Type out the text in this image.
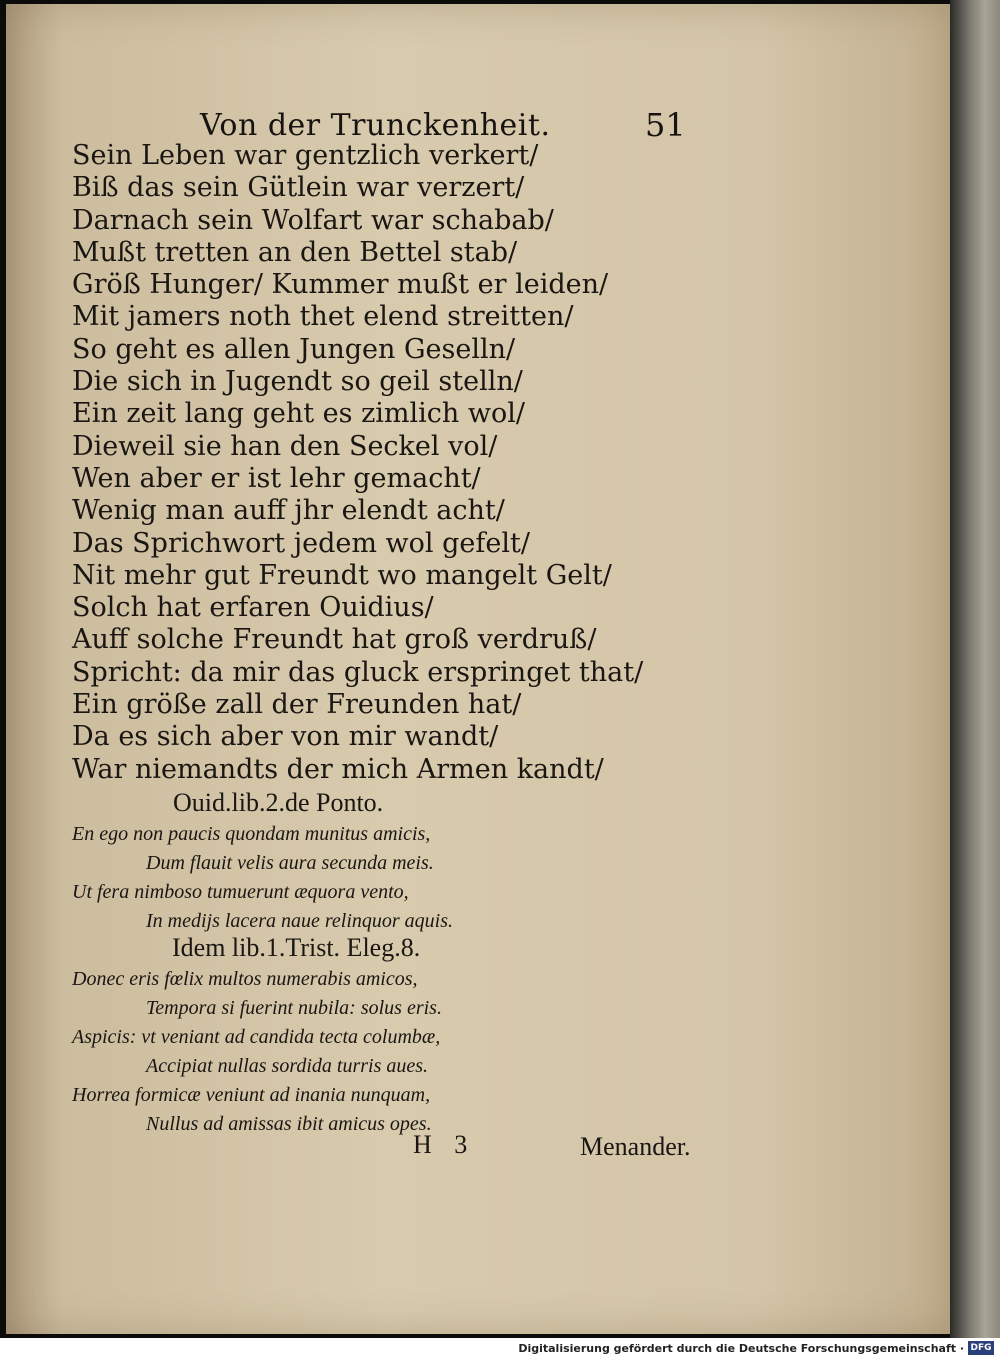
Von der Trunckenheit.	51
Sein Leben war gentzlich verkert/
Biß das sein Gütlein war verzert/
Darnach sein Wolfart war schabab/
Mußt tretten an den Bettel stab/
Größ Hunger/ Kummer mußt er leiden/
Mit jamers noth thet elend streitten/
So geht es allen Jungen Geselln/
Die sich in Jugendt so geil stelln/
Ein zeit lang geht es zimlich wol/
Dieweil sie han den Seckel vol/
Wen aber er ist lehr gemacht/
Wenig man auff jhr elendt acht/
Das Sprichwort jedem wol gefelt/
Nit mehr gut Freundt wo mangelt Gelt/
Solch hat erfaren Ouidius/
Auff solche Freundt hat groß verdruß/
Spricht: da mir das gluck erspringet that/
Ein größe zall der Freunden hat/
Da es sich aber von mir wandt/
War niemandts der mich Armen kandt/
Ouid.lib.2.de Ponto.
En ego non paucis quondam munitus amicis,
Dum flauit velis aura secunda meis.
Ut fera nimboso tumuerunt æquora vento,
In medijs lacera naue relinquor aquis.
Idem lib.1.Trist. Eleg.8.
Donec eris fœlix multos numerabis amicos,
Tempora si fuerint nubila: solus eris.
Aspicis: vt veniant ad candida tecta columbæ,
Accipiat nullas sordida turris aues.
Horrea formicæ veniunt ad inania nunquam,
Nullus ad amissas ibit amicus opes.
H 3	Menander.
Digitalisierung gefördert durch die Deutsche Forschungsgemeinschaft · DFG
